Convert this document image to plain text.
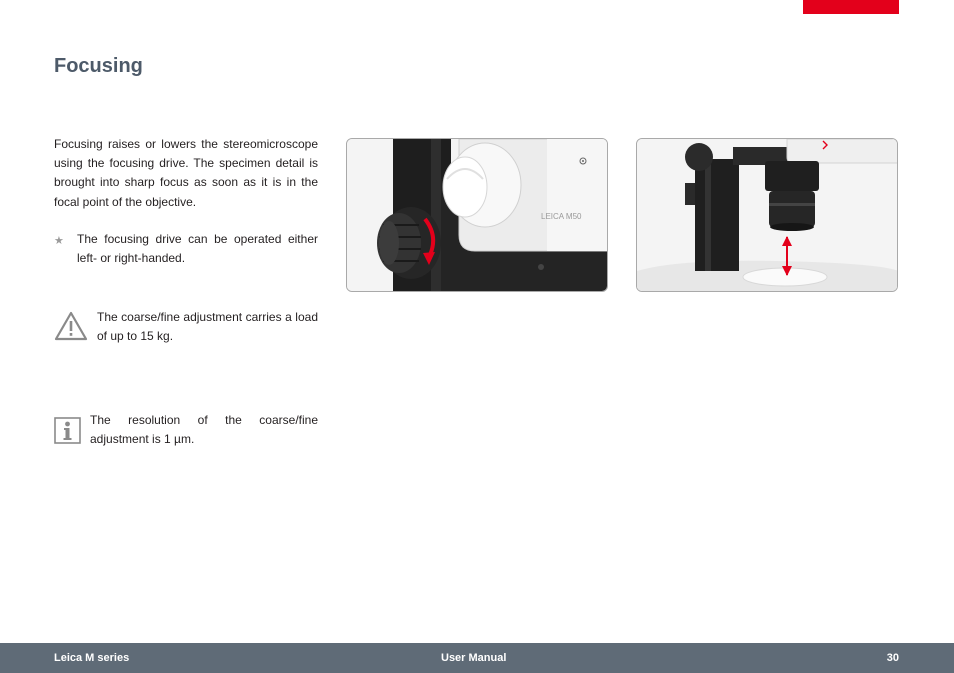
Focusing
Focusing raises or lowers the stereomicroscope using the focusing drive. The specimen detail is brought into sharp focus as soon as it is in the focal point of the objective.
★ The focusing drive can be operated either left- or right-handed.
The coarse/fine adjustment carries a load of up to 15 kg.
The resolution of the coarse/fine adjustment is 1 µm.
LEICA M50
Leica M series	User Manual	30
